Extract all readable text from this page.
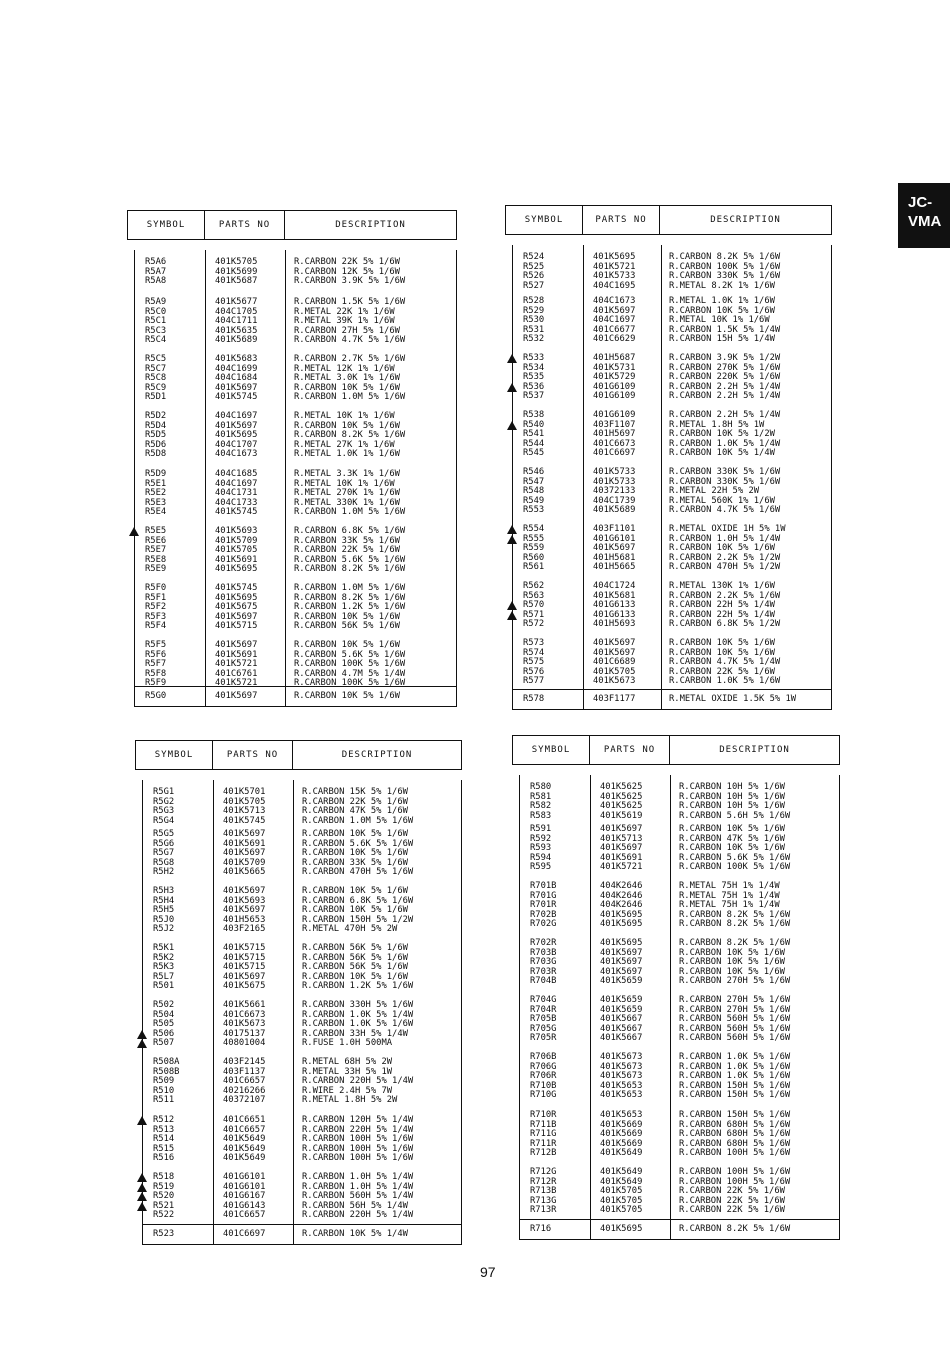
JC-
VMA
SYMBOL	PARTS NO	DESCRIPTION
R5A6	401K5705	R.CARBON 22K 5% 1/6W
R5A7	401K5699	R.CARBON 12K 5% 1/6W
R5A8	401K5687	R.CARBON 3.9K 5% 1/6W
R5A9	401K5677	R.CARBON 1.5K 5% 1/6W
R5C0	404C1705	R.METAL 22K 1% 1/6W
R5C1	404C1711	R.METAL 39K 1% 1/6W
R5C3	401K5635	R.CARBON 27H 5% 1/6W
R5C4	401K5689	R.CARBON 4.7K 5% 1/6W
R5C5	401K5683	R.CARBON 2.7K 5% 1/6W
R5C7	404C1699	R.METAL 12K 1% 1/6W
R5C8	404C1684	R.METAL 3.0K 1% 1/6W
R5C9	401K5697	R.CARBON 10K 5% 1/6W
R5D1	401K5745	R.CARBON 1.0M 5% 1/6W
R5D2	404C1697	R.METAL 10K 1% 1/6W
R5D4	401K5697	R.CARBON 10K 5% 1/6W
R5D5	401K5695	R.CARBON 8.2K 5% 1/6W
R5D6	404C1707	R.METAL 27K 1% 1/6W
R5D8	404C1673	R.METAL 1.0K 1% 1/6W
R5D9	404C1685	R.METAL 3.3K 1% 1/6W
R5E1	404C1697	R.METAL 10K 1% 1/6W
R5E2	404C1731	R.METAL 270K 1% 1/6W
R5E3	404C1733	R.METAL 330K 1% 1/6W
R5E4	401K5745	R.CARBON 1.0M 5% 1/6W
R5E5	401K5693	R.CARBON 6.8K 5% 1/6W
R5E6	401K5709	R.CARBON 33K 5% 1/6W
R5E7	401K5705	R.CARBON 22K 5% 1/6W
R5E8	401K5691	R.CARBON 5.6K 5% 1/6W
R5E9	401K5695	R.CARBON 8.2K 5% 1/6W
R5F0	401K5745	R.CARBON 1.0M 5% 1/6W
R5F1	401K5695	R.CARBON 8.2K 5% 1/6W
R5F2	401K5675	R.CARBON 1.2K 5% 1/6W
R5F3	401K5697	R.CARBON 10K 5% 1/6W
R5F4	401K5715	R.CARBON 56K 5% 1/6W
R5F5	401K5697	R.CARBON 10K 5% 1/6W
R5F6	401K5691	R.CARBON 5.6K 5% 1/6W
R5F7	401K5721	R.CARBON 100K 5% 1/6W
R5F8	401C6761	R.CARBON 4.7M 5% 1/4W
R5F9	401K5721	R.CARBON 100K 5% 1/6W
R5G0	401K5697	R.CARBON 10K 5% 1/6W
SYMBOL	PARTS NO	DESCRIPTION
R524	401K5695	R.CARBON 8.2K 5% 1/6W
R525	401K5721	R.CARBON 100K 5% 1/6W
R526	401K5733	R.CARBON 330K 5% 1/6W
R527	404C1695	R.METAL 8.2K 1% 1/6W
R528	404C1673	R.METAL 1.0K 1% 1/6W
R529	401K5697	R.CARBON 10K 5% 1/6W
R530	404C1697	R.METAL 10K 1% 1/6W
R531	401C6677	R.CARBON 1.5K 5% 1/4W
R532	401C6629	R.CARBON 15H 5% 1/4W
R533	401H5687	R.CARBON 3.9K 5% 1/2W
R534	401K5731	R.CARBON 270K 5% 1/6W
R535	401K5729	R.CARBON 220K 5% 1/6W
R536	401G6109	R.CARBON 2.2H 5% 1/4W
R537	401G6109	R.CARBON 2.2H 5% 1/4W
R538	401G6109	R.CARBON 2.2H 5% 1/4W
R540	403F1107	R.METAL 1.8H 5% 1W
R541	401H5697	R.CARBON 10K 5% 1/2W
R544	401C6673	R.CARBON 1.0K 5% 1/4W
R545	401C6697	R.CARBON 10K 5% 1/4W
R546	401K5733	R.CARBON 330K 5% 1/6W
R547	401K5733	R.CARBON 330K 5% 1/6W
R548	40372133	R.METAL 22H 5% 2W
R549	404C1739	R.METAL 560K 1% 1/6W
R553	401K5689	R.CARBON 4.7K 5% 1/6W
R554	403F1101	R.METAL OXIDE 1H 5% 1W
R555	401G6101	R.CARBON 1.0H 5% 1/4W
R559	401K5697	R.CARBON 10K 5% 1/6W
R560	401H5681	R.CARBON 2.2K 5% 1/2W
R561	401H5665	R.CARBON 470H 5% 1/2W
R562	404C1724	R.METAL 130K 1% 1/6W
R563	401K5681	R.CARBON 2.2K 5% 1/6W
R570	401G6133	R.CARBON 22H 5% 1/4W
R571	401G6133	R.CARBON 22H 5% 1/4W
R572	401H5693	R.CARBON 6.8K 5% 1/2W
R573	401K5697	R.CARBON 10K 5% 1/6W
R574	401K5697	R.CARBON 10K 5% 1/6W
R575	401C6689	R.CARBON 4.7K 5% 1/4W
R576	401K5705	R.CARBON 22K 5% 1/6W
R577	401K5673	R.CARBON 1.0K 5% 1/6W
R578	403F1177	R.METAL OXIDE 1.5K 5% 1W
SYMBOL	PARTS NO	DESCRIPTION
R5G1	401K5701	R.CARBON 15K 5% 1/6W
R5G2	401K5705	R.CARBON 22K 5% 1/6W
R5G3	401K5713	R.CARBON 47K 5% 1/6W
R5G4	401K5745	R.CARBON 1.0M 5% 1/6W
R5G5	401K5697	R.CARBON 10K 5% 1/6W
R5G6	401K5691	R.CARBON 5.6K 5% 1/6W
R5G7	401K5697	R.CARBON 10K 5% 1/6W
R5G8	401K5709	R.CARBON 33K 5% 1/6W
R5H2	401K5665	R.CARBON 470H 5% 1/6W
R5H3	401K5697	R.CARBON 10K 5% 1/6W
R5H4	401K5693	R.CARBON 6.8K 5% 1/6W
R5H5	401K5697	R.CARBON 10K 5% 1/6W
R5J0	401H5653	R.CARBON 150H 5% 1/2W
R5J2	403F2165	R.METAL 470H 5% 2W
R5K1	401K5715	R.CARBON 56K 5% 1/6W
R5K2	401K5715	R.CARBON 56K 5% 1/6W
R5K3	401K5715	R.CARBON 56K 5% 1/6W
R5L7	401K5697	R.CARBON 10K 5% 1/6W
R501	401K5675	R.CARBON 1.2K 5% 1/6W
R502	401K5661	R.CARBON 330H 5% 1/6W
R504	401C6673	R.CARBON 1.0K 5% 1/4W
R505	401K5673	R.CARBON 1.0K 5% 1/6W
R506	40175137	R.CARBON 33H 5% 1/4W
R507	40801004	R.FUSE 1.0H 500MA
R508A	403F2145	R.METAL 68H 5% 2W
R508B	403F1137	R.METAL 33H 5% 1W
R509	401C6657	R.CARBON 220H 5% 1/4W
R510	40216266	R.WIRE 2.4H 5% 7W
R511	40372107	R.METAL 1.8H 5% 2W
R512	401C6651	R.CARBON 120H 5% 1/4W
R513	401C6657	R.CARBON 220H 5% 1/4W
R514	401K5649	R.CARBON 100H 5% 1/6W
R515	401K5649	R.CARBON 100H 5% 1/6W
R516	401K5649	R.CARBON 100H 5% 1/6W
R518	401G6101	R.CARBON 1.0H 5% 1/4W
R519	401G6101	R.CARBON 1.0H 5% 1/4W
R520	401G6167	R.CARBON 560H 5% 1/4W
R521	401G6143	R.CARBON 56H 5% 1/4W
R522	401C6657	R.CARBON 220H 5% 1/4W
R523	401C6697	R.CARBON 10K 5% 1/4W
SYMBOL	PARTS NO	DESCRIPTION
R580	401K5625	R.CARBON 10H 5% 1/6W
R581	401K5625	R.CARBON 10H 5% 1/6W
R582	401K5625	R.CARBON 10H 5% 1/6W
R583	401K5619	R.CARBON 5.6H 5% 1/6W
R591	401K5697	R.CARBON 10K 5% 1/6W
R592	401K5713	R.CARBON 47K 5% 1/6W
R593	401K5697	R.CARBON 10K 5% 1/6W
R594	401K5691	R.CARBON 5.6K 5% 1/6W
R595	401K5721	R.CARBON 100K 5% 1/6W
R701B	404K2646	R.METAL 75H 1% 1/4W
R701G	404K2646	R.METAL 75H 1% 1/4W
R701R	404K2646	R.METAL 75H 1% 1/4W
R702B	401K5695	R.CARBON 8.2K 5% 1/6W
R702G	401K5695	R.CARBON 8.2K 5% 1/6W
R702R	401K5695	R.CARBON 8.2K 5% 1/6W
R703B	401K5697	R.CARBON 10K 5% 1/6W
R703G	401K5697	R.CARBON 10K 5% 1/6W
R703R	401K5697	R.CARBON 10K 5% 1/6W
R704B	401K5659	R.CARBON 270H 5% 1/6W
R704G	401K5659	R.CARBON 270H 5% 1/6W
R704R	401K5659	R.CARBON 270H 5% 1/6W
R705B	401K5667	R.CARBON 560H 5% 1/6W
R705G	401K5667	R.CARBON 560H 5% 1/6W
R705R	401K5667	R.CARBON 560H 5% 1/6W
R706B	401K5673	R.CARBON 1.0K 5% 1/6W
R706G	401K5673	R.CARBON 1.0K 5% 1/6W
R706R	401K5673	R.CARBON 1.0K 5% 1/6W
R710B	401K5653	R.CARBON 150H 5% 1/6W
R710G	401K5653	R.CARBON 150H 5% 1/6W
R710R	401K5653	R.CARBON 150H 5% 1/6W
R711B	401K5669	R.CARBON 680H 5% 1/6W
R711G	401K5669	R.CARBON 680H 5% 1/6W
R711R	401K5669	R.CARBON 680H 5% 1/6W
R712B	401K5649	R.CARBON 100H 5% 1/6W
R712G	401K5649	R.CARBON 100H 5% 1/6W
R712R	401K5649	R.CARBON 100H 5% 1/6W
R713B	401K5705	R.CARBON 22K 5% 1/6W
R713G	401K5705	R.CARBON 22K 5% 1/6W
R713R	401K5705	R.CARBON 22K 5% 1/6W
R716	401K5695	R.CARBON 8.2K 5% 1/6W
97
